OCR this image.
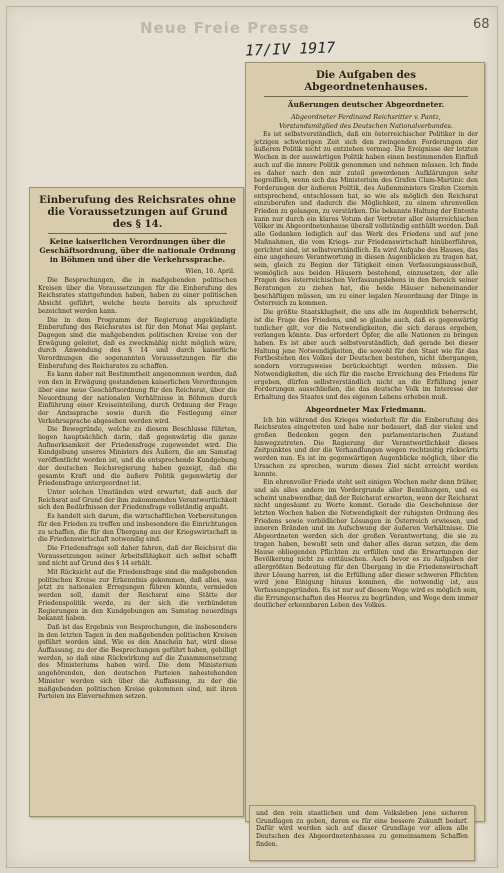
Neue Freie Presse
17/IV 1917
68
Einberufung des Reichsrates ohne die Voraussetzungen auf Grund des § 14.
Keine kaiserlichen Verordnungen über die Geschäftsordnung, über die nationale Ordnung in Böhmen und über die Verkehrssprache.
Wien, 16. April.

Die Besprechungen, die in maßgebenden politischen Kreisen über die Voraussetzungen für die Einberufung des Reichsrates stattgefunden haben, haben zu einer politischen Absicht geführt, welche heute bereits als spruchreif bezeichnet werden kann.

Die in dem Programm der Regierung angekündigte Einberufung des Reichsrates ist für den Monat Mai geplant. Dagegen sind die maßgebenden politischen Kreise von der Erwägung geleitet, daß es zweckmäßig nicht möglich wäre, durch Anwendung des § 14 und durch kaiserliche Verordnungen die sogenannten Voraussetzungen für die Einberufung des Reichsrates zu schaffen.

Es kann daher mit Bestimmtheit angenommen werden, daß von den in Erwägung gestandenen kaiserlichen Verordnungen über eine neue Geschäftsordnung für den Reichsrat, über die Neuordnung der nationalen Verhältnisse in Böhmen durch Einführung einer Kreiseinteilung, durch Ordnung der Frage der Amtssprache sowie durch die Festlegung einer Verkehrssprache abgesehen werden wird.

Die Bewegründe, welche zu diesem Beschlusse führten, liegen hauptsächlich darin, daß gegenwärtig die ganze Aufmerksamkeit der Friedensfrage zugewendet wird. Die Kundgebung unseres Ministers des Äußern, die am Samstag veröffentlicht worden ist, und die entsprechende Kundgebung der deutschen Reichsregierung haben gezeigt, daß die gesamte Kraft und die äußere Politik gegenwärtig der Friedensfrage untergeordnet ist.

Unter solchen Umständen wird erwartet, daß auch der Reichsrat auf Grund der ihm zukommenden Verantwortlichkeit sich den Bedürfnissen der Friedensfrage vollständig anpaßt.

Es handelt sich darum, die wirtschaftlichen Vorbereitungen für den Frieden zu treffen und insbesondere die Einrichtungen zu schaffen, die für den Übergang aus der Kriegswirtschaft in die Friedenswirtschaft notwendig sind.

Die Friedensfrage soll daher fahren, daß der Reichsrat die Voraussetzungen seiner Arbeitsfähigkeit sich selbst schafft und nicht auf Grund des § 14 erhält.

Mit Rücksicht auf die Friedensfrage sind die maßgebenden politischen Kreise zur Erkenntnis gekommen, daß alles, was jetzt zu nationalen Erregungen führen könnte, vermieden werden soll, damit der Reichsrat eine Stätte der Friedenspolitik werde, zu der sich die verbündeten Regierungen in den Kundgebungen am Samstag neuerdings bekannt haben.

Daß ist das Ergebnis von Besprechungen, die insbesondere in den letzten Tagen in den maßgebenden politischen Kreisen geführt worden sind. Wie es den Anschein hat, wird diese Auffassung, zu der die Besprechungen geführt haben, gebilligt werden, so daß eine Rückwirkung auf die Zusammensetzung des Ministeriums haben wird. Die dem Ministerium angehörenden, den deutschen Parteien nahestehenden Minister werden sich über die Auffassung, zu der die maßgebenden politischen Kreise gekommen sind, mit ihren Parteien ins Einvernehmen setzen.

Die Aufgaben des Abgeordnetenhauses.
Äußerungen deutscher Abgeordneter.
Abgeordneter Ferdinand Reichsritter v. Pantz,
Vorstandsmitglied des Deutschen Nationalverbandes.

Es ist selbstverständlich, daß ein österreichischer Politiker in der jetzigen schwierigen Zeit sich den zwingenden Forderungen der äußeren Politik nicht zu entziehen vermag. Die Ereignisse der letzten Wochen in der auswärtigen Politik haben einen bestimmenden Einfluß auch auf die innere Politik genommen und nehmen müssen. Ich finde es daher nach den mir zuteil gewordenen Aufklärungen sehr begreiflich, wenn sich das Ministerium des Grafen Clam-Martinic den Forderungen der äußeren Politik, des Außenministers Grafen Czernin entsprechend, entschlossen hat, so wie als möglich den Reichsrat einzuberufen und dadurch die Möglichkeit, zu einem ehrenvollen Frieden zu gelangen, zu verstärken. Die bekannte Haltung der Entente kann nur durch ein klares Votum der Vertreter aller österreichischen Völker im Abgeordnetenhause überall vollständig enthüllt werden. Daß alle Gedanken lediglich auf das Werk des Friedens und auf jene Maßnahmen, die vom Kriegs- zur Friedenswirtschaft hinüberführen, gerichtet sind, ist selbstverständlich. Es wird Aufgabe des Hauses, das eine ungeheure Verantwortung in diesen Augenblicken zu tragen hat, sein, gleich zu Beginn der Tätigkeit einen Verfassungsausschuß, womöglich aus beiden Häusern bestehend, einzusetzen, der alle Fragen des österreichischen Verfassungslebens in den Bereich seiner Beratungen zu ziehen hat, die beide Häuser nebeneinander beschäftigen müssen, um zu einer legalen Neuordnung der Dinge in Österreich zu kommen.

Die größte Staatsklugheit, die uns alle im Augenblick beherrscht, ist die Frage des Friedens, und so glaube auch, daß es gegenwärtig tunlicher gilt, vor die Notwendigkeiten, die sich daraus ergeben, verlangen könnte. Das erfordert Opfer, die alle Nationen zu bringen haben. Es ist aber auch selbstverständlich, daß gerade bei dieser Haltung jene Notwendigkeiten, die sowohl für den Staat wie für das Fortbestehen des Volkes der Deutschen bestehen, nicht übergangen, sondern vorzugsweise berücksichtigt werden müssen. Die Notwendigkeiten, die sich für die rasche Erreichung des Friedens für ergeben, dürfen selbstverständlich nicht an die Erfüllung jener Forderungen ausschließen, die das deutsche Volk im Interesse der Erhaltung des Staates und des eigenen Lebens erheben muß.

Abgeordneter Max Friedmann.

Ich bin während des Krieges wiederholt für die Einberufung des Reichsrates eingetreten und habe nur bedauert, daß der vielen und großen Bedenken gegen den parlamentarischen Zustand hinwegzutreten. Die Regierung der Verantwortlichkeit dieses Zeitpunktes und der die Verhandlungen wegen rechtzeitig rückwärts werden nun. Es ist im gegenwärtigen Augenblicke möglich, über die Ursachen zu sprechen, warum dieses Ziel nicht erreicht werden konnte.

Ein ehrenvoller Friede steht seit einigen Wochen mehr denn früher, und als alles andere im Vordergrunde aller Bemühungen, und es scheint unabwendbar, daß der Reichsrat erwarten, wenn der Reichsrat nicht ungesäumt zu Worte kommt. Gerade die Geschehnisse der letzten Wochen haben die Notwendigkeit der ruhigsten Ordnung des Friedens sowie vorbildlicher Lösungen in Österreich erwiesen, und inneren Bränden und im Aufschwung der äußeren Verhältnisse. Die Abgeordneten werden sich der großen Verantwortung, die sie zu tragen haben, bewußt sein und daher alles daran setzen, die dem Hause obliegenden Pflichten zu erfüllen und die Erwartungen der Bevölkerung nicht zu enttäuschen. Auch bevor es zu Aufgaben der allergrößten Bedeutung für den Übergang in die Friedenswirtschaft ihrer Lösung harren, ist die Erfüllung aller dieser schweren Pflichten wird jene Einigung hinaus kommen, die notwendig ist, aus Verfassungsgründen. Es ist nur auf diesem Wege wird es möglich sein, die Errungenschaften des Heeres zu begründen, und Wege dem immer deutlicher erkennbaren Leben des Volkes.

und den rein staatlichen und dem Volksleben jene sicheren Grundlagen zu geben, deren es für eine bessere Zukunft bedarf. Dafür wird werden sich auf dieser Grundlage vor allem alle Deutschen des Abgeordnetenhauses zu gemeinsamem Schaffen finden.
